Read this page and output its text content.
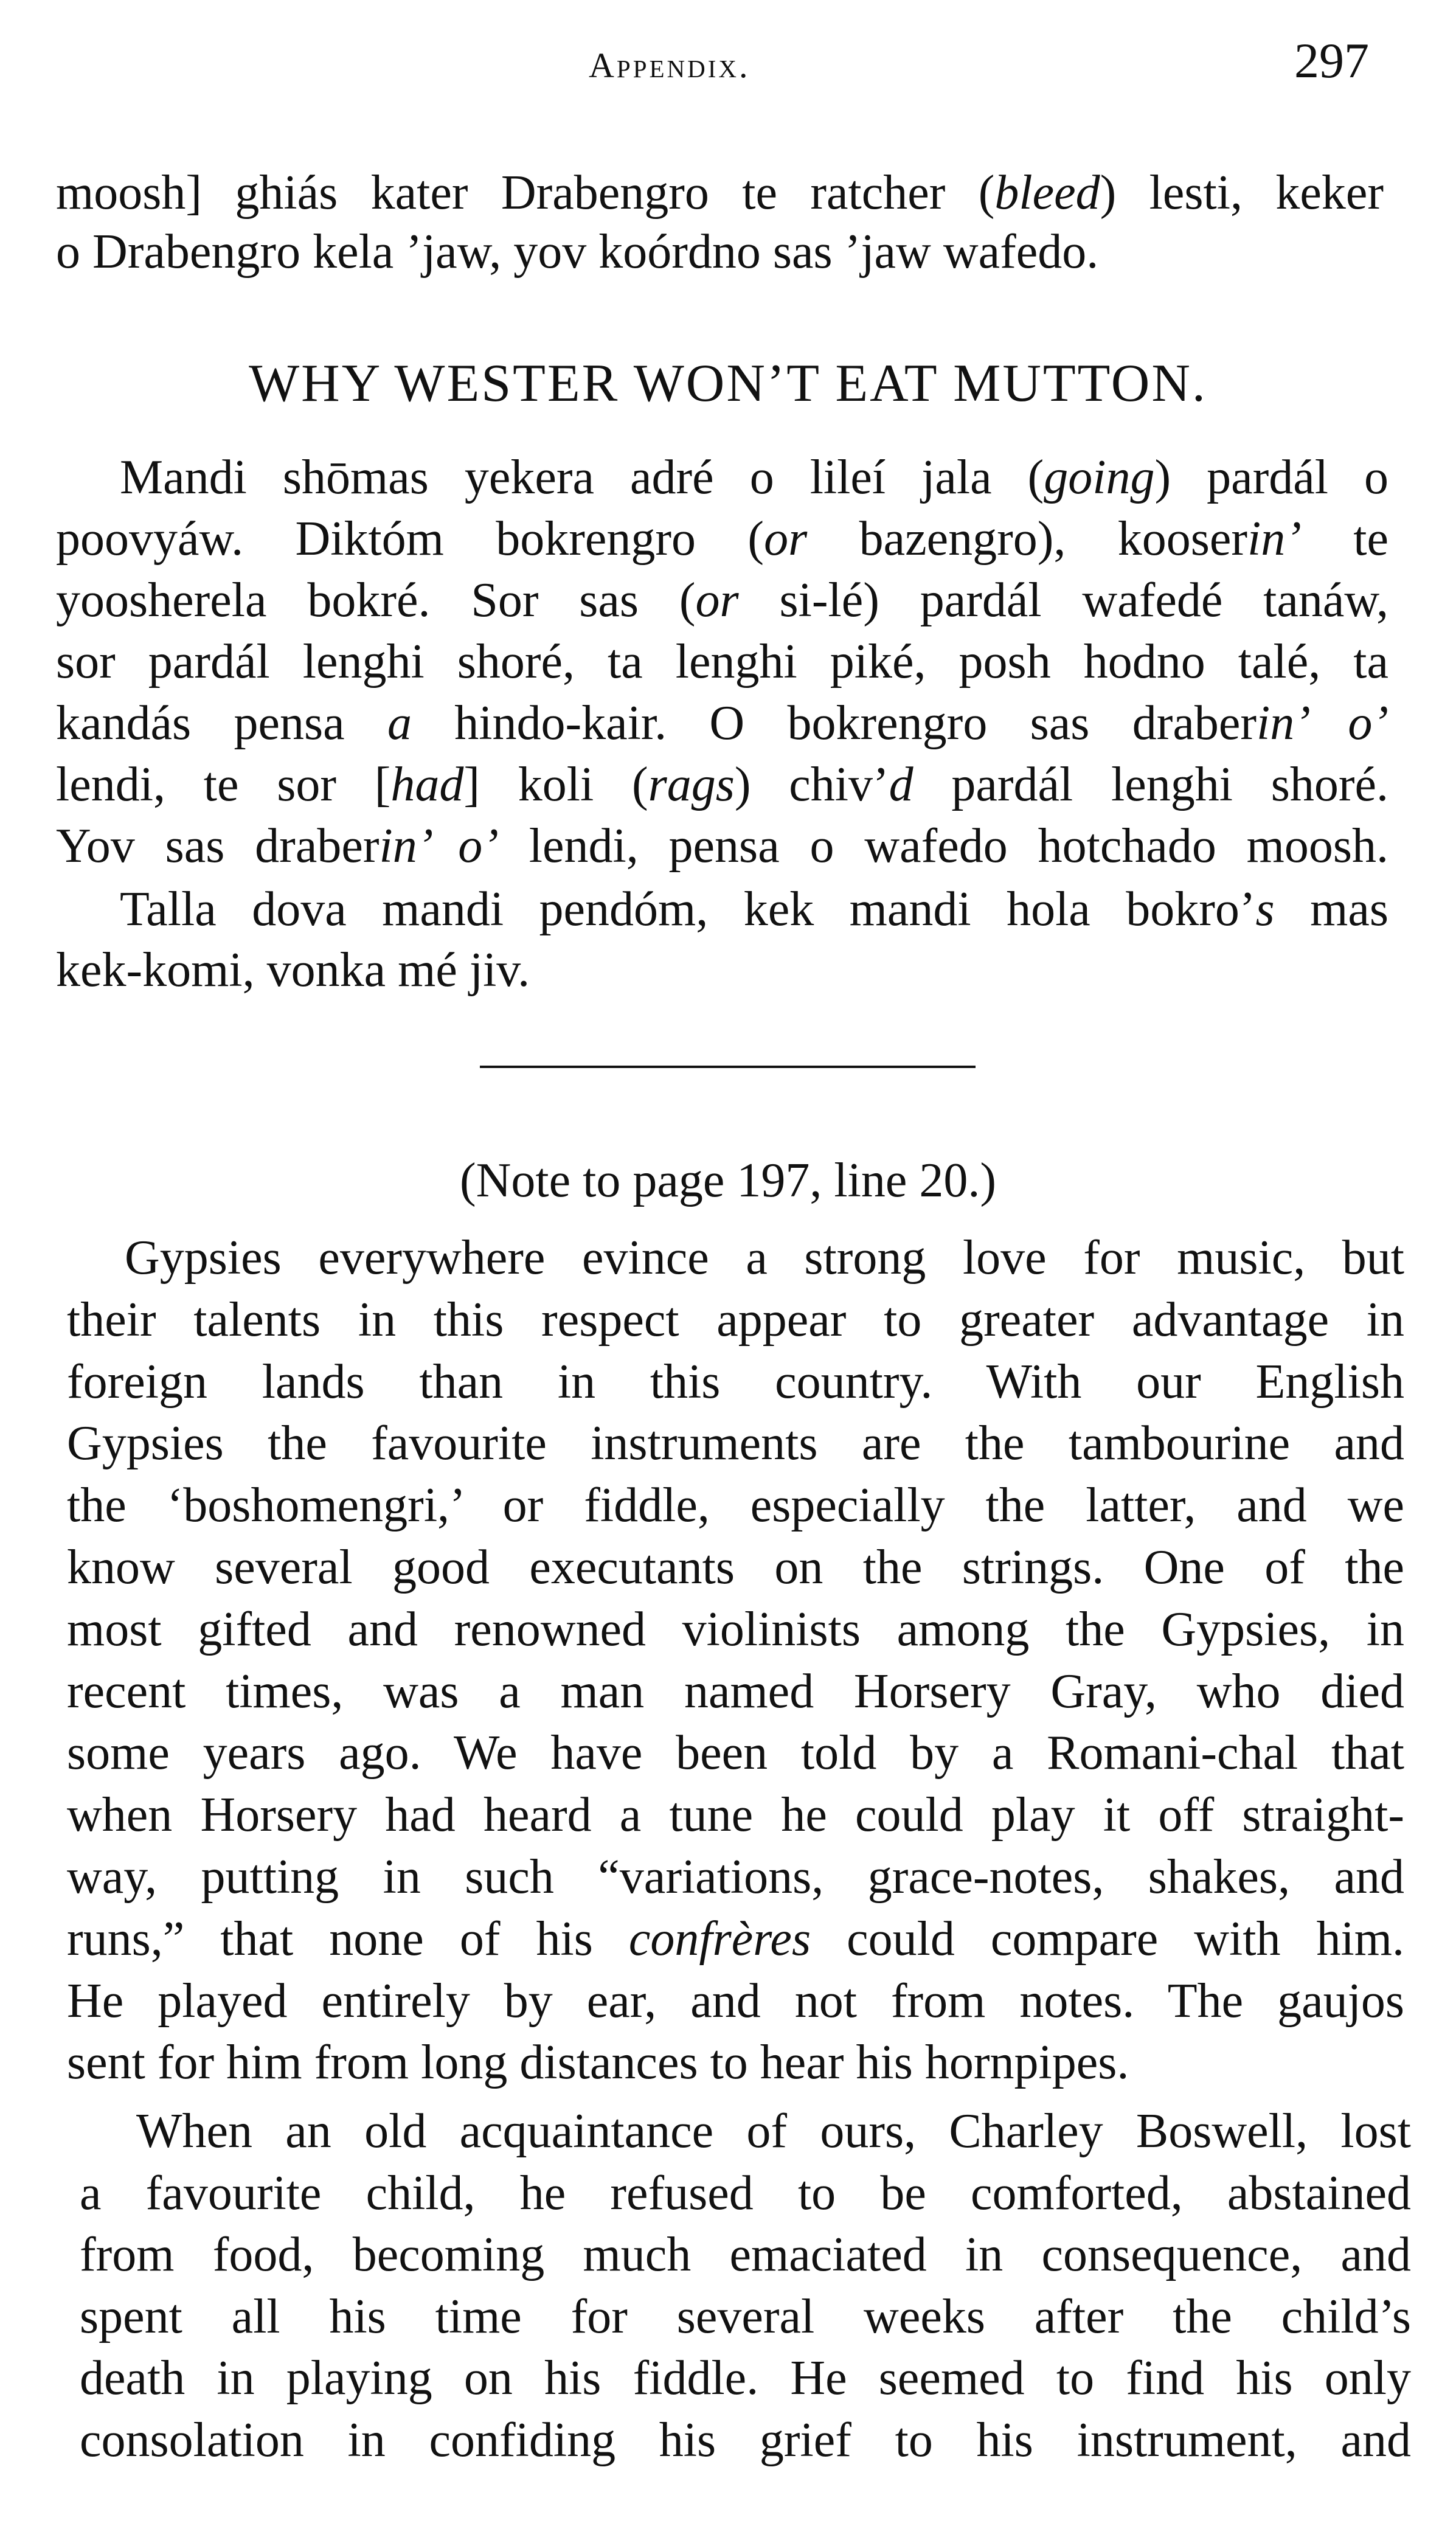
Appendix.	297
WHY WESTER WON’T EAT MUTTON.
(Note to page 197, line 20.)
moosh] ghiás kater Drabengro te ratcher (bleed) lesti, keker
o Drabengro kela ’jaw, yov koórdno sas ’jaw wafedo.
Mandi shōmas yekera adré o lileí jala (going) pardál o
poovyáw. Diktóm bokrengro (or bazengro), kooserin’ te
yoosherela bokré. Sor sas (or si-lé) pardál wafedé tanáw,
sor pardál lenghi shoré, ta lenghi piké, posh hodno talé, ta
kandás pensa a hindo-kair. O bokrengro sas draberin’ o’
lendi, te sor [had] koli (rags) chiv’d pardál lenghi shoré.
Yov sas draberin’ o’ lendi, pensa o wafedo hotchado moosh.
Talla dova mandi pendóm, kek mandi hola bokro’s mas
kek-komi, vonka mé jiv.
Gypsies everywhere evince a strong love for music, but
their talents in this respect appear to greater advantage in
foreign lands than in this country. With our English
Gypsies the favourite instruments are the tambourine and
the ‘boshomengri,’ or fiddle, especially the latter, and we
know several good executants on the strings. One of the
most gifted and renowned violinists among the Gypsies, in
recent times, was a man named Horsery Gray, who died
some years ago. We have been told by a Romani-chal that
when Horsery had heard a tune he could play it off straight-
way, putting in such “variations, grace-notes, shakes, and
runs,” that none of his confrères could compare with him.
He played entirely by ear, and not from notes. The gaujos
sent for him from long distances to hear his hornpipes.
When an old acquaintance of ours, Charley Boswell, lost
a favourite child, he refused to be comforted, abstained
from food, becoming much emaciated in consequence, and
spent all his time for several weeks after the child’s
death in playing on his fiddle. He seemed to find his only
consolation in confiding his grief to his instrument, and
